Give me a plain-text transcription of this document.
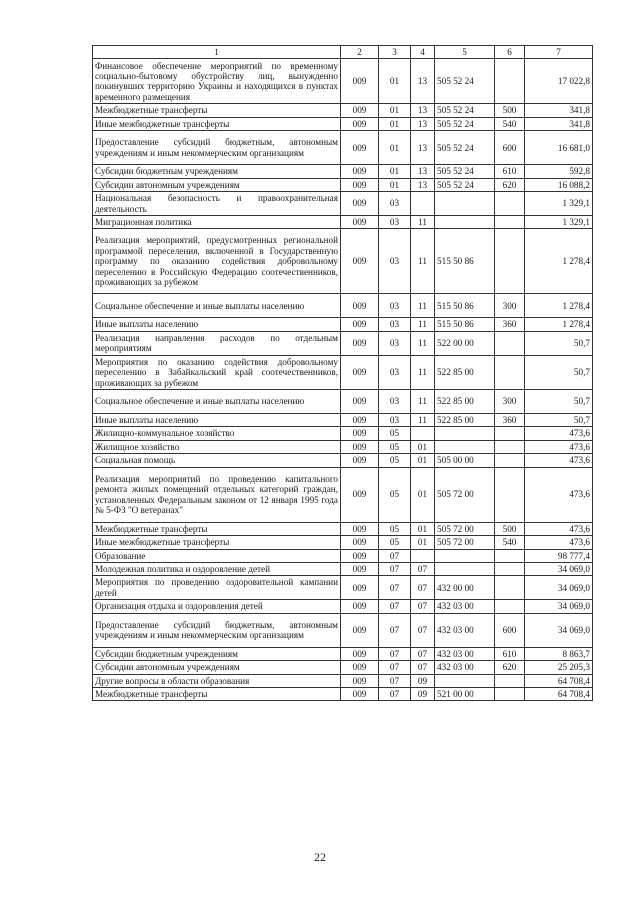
1	2	3	4	5	6	7
Финансовое обеспечение мероприятий по временному социально-бытовому обустройству лиц, вынужденно покинувших территорию Украины и находящихся в пунктах временного размещения	009	01	13	505 52 24		17 022,8
Межбюджетные трансферты	009	01	13	505 52 24	500	341,8
Иные межбюджетные трансферты	009	01	13	505 52 24	540	341,8
Предоставление субсидий бюджетным, автономным учреждениям и иным некоммерческим организациям	009	01	13	505 52 24	600	16 681,0
Субсидии бюджетным учреждениям	009	01	13	505 52 24	610	592,8
Субсидии автономным учреждениям	009	01	13	505 52 24	620	16 088,2
Национальная безопасность и правоохранительная деятельность	009	03				1 329,1
Миграционная политика	009	03	11			1 329,1
Реализация мероприятий, предусмотренных региональной программой переселения, включенной в Государственную программу по оказанию содействия добровольному переселению в Российскую Федерацию соотечественников, проживающих за рубежом	009	03	11	515 50 86		1 278,4
Социальное обеспечение и иные выплаты населению	009	03	11	515 50 86	300	1 278,4
Иные выплаты населению	009	03	11	515 50 86	360	1 278,4
Реализация направления расходов по отдельным мероприятиям	009	03	11	522 00 00		50,7
Мероприятия по оказанию содействия добровольному переселению в Забайкальский край соотечественников, проживающих за рубежом	009	03	11	522 85 00		50,7
Социальное обеспечение и иные выплаты населению	009	03	11	522 85 00	300	50,7
Иные выплаты населению	009	03	11	522 85 00	360	50,7
Жилищно-коммунальное хозяйство	009	05				473,6
Жилищное хозяйство	009	05	01			473,6
Социальная помощь	009	05	01	505 00 00		473,6
Реализация мероприятий по проведению капитального ремонта жилых помещений отдельных категорий граждан, установленных Федеральным законом от 12 января 1995 года № 5-ФЗ "О ветеранах"	009	05	01	505 72 00		473,6
Межбюджетные трансферты	009	05	01	505 72 00	500	473,6
Иные межбюджетные трансферты	009	05	01	505 72 00	540	473,6
Образование	009	07				98 777,4
Молодежная политика и оздоровление детей	009	07	07			34 069,0
Мероприятия по проведению оздоровительной кампании детей	009	07	07	432 00 00		34 069,0
Организация отдыха и оздоровления детей	009	07	07	432 03 00		34 069,0
Предоставление субсидий бюджетным, автономным учреждениям и иным некоммерческим организациям	009	07	07	432 03 00	600	34 069,0
Субсидии бюджетным учреждениям	009	07	07	432 03 00	610	8 863,7
Субсидии автономным учреждениям	009	07	07	432 03 00	620	25 205,3
Другие вопросы в области образования	009	07	09			64 708,4
Межбюджетные трансферты	009	07	09	521 00 00		64 708,4
22
